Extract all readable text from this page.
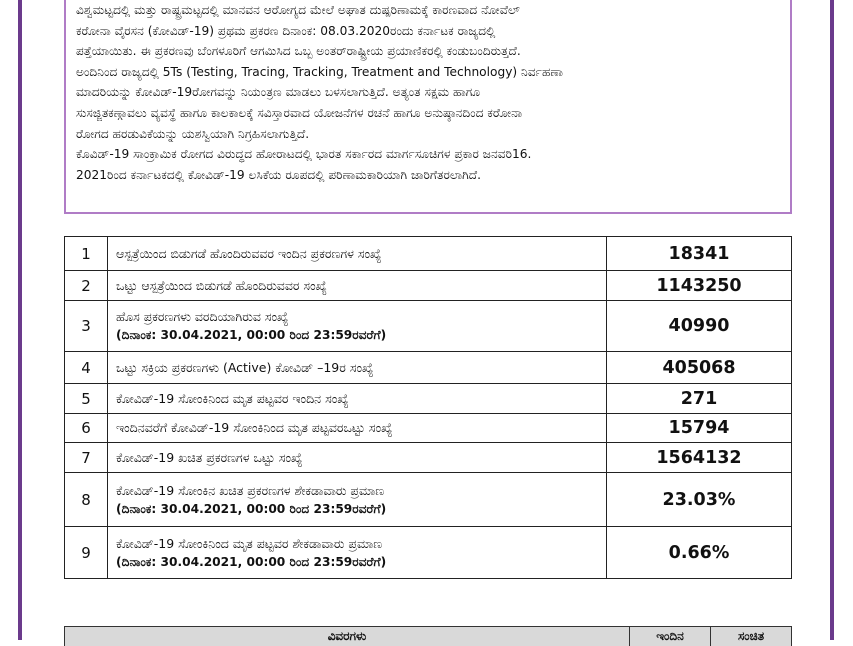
ವಿಶ್ವಮಟ್ಟದಲ್ಲಿ ಮತ್ತು ರಾಷ್ಟ್ರಮಟ್ಟದಲ್ಲಿ ಮಾನವನ ಆರೋಗ್ಯದ ಮೇಲೆ ಅಘಾತ ದುಷ್ಪರಿಣಾಮಕ್ಕೆ ಕಾರಣವಾದ ನೋವೆಲ್

ಕರೋನಾ ವೈರಸನ (ಕೋವಿಡ್-19) ಪ್ರಥಮ ಪ್ರಕರಣ ದಿನಾಂಕ: 08.03.2020ರಂದು ಕರ್ನಾಟಕ ರಾಜ್ಯದಲ್ಲಿ

ಪತ್ತೆಯಾಯಿತು. ಈ ಪ್ರಕರಣವು ಬೆಂಗಳೂರಿಗೆ ಆಗಮಿಸಿದ ಒಬ್ಬ ಅಂತರ್‌ರಾಷ್ಟ್ರೀಯ ಪ್ರಯಾಣಿಕರಲ್ಲಿ ಕಂಡುಬಂದಿರುತ್ತದೆ.

ಅಂದಿನಿಂದ ರಾಜ್ಯದಲ್ಲಿ 5Ts (Testing, Tracing, Tracking, Treatment and Technology) ನಿರ್ವಹಣಾ

ಮಾದರಿಯನ್ನು ಕೋವಿಡ್-19ರೋಗವನ್ನು ನಿಯಂತ್ರಣ ಮಾಡಲು ಬಳಸಲಾಗುತ್ತಿದೆ. ಅತ್ಯಂತ ಸಕ್ಷಮ ಹಾಗೂ

ಸುಸಜ್ಜಿತಕಣ್ಗಾವಲು ವ್ಯವಸ್ಥೆ ಹಾಗೂ ಕಾಲಕಾಲಕ್ಕೆ ಸವಿಸ್ತಾರವಾದ ಯೋಜನೆಗಳ ರಚನೆ ಹಾಗೂ ಅನುಷ್ಠಾನದಿಂದ ಕರೋನಾ

ರೋಗದ ಹರಡುವಿಕೆಯನ್ನು ಯಶಸ್ವಿಯಾಗಿ ನಿಗ್ರಹಿಸಲಾಗುತ್ತಿದೆ.

ಕೊವಿಡ್-19 ಸಾಂಕ್ರಾಮಿಕ ರೋಗದ ವಿರುದ್ಧದ ಹೋರಾಟದಲ್ಲಿ ಭಾರತ ಸರ್ಕಾರದ ಮಾರ್ಗಸೂಚಿಗಳ ಪ್ರಕಾರ ಜನವರಿ16.

2021ರಿಂದ ಕರ್ನಾಟಕದಲ್ಲಿ ಕೋವಿಡ್-19 ಲಸಿಕೆಯ ರೂಪದಲ್ಲಿ ಪರಿಣಾಮಕಾರಿಯಾಗಿ ಜಾರಿಗೆತರಲಾಗಿದೆ.

1	ಆಸ್ಪತ್ರೆಯಿಂದ ಬಿಡುಗಡೆ ಹೊಂದಿರುವವರ ಇಂದಿನ ಪ್ರಕರಣಗಳ ಸಂಖ್ಯೆ	18341
2	ಒಟ್ಟು ಆಸ್ಪತ್ರೆಯಿಂದ ಬಿಡುಗಡೆ ಹೊಂದಿರುವವರ ಸಂಖ್ಯೆ	1143250
3	ಹೊಸ ಪ್ರಕರಣಗಳು ವರದಿಯಾಗಿರುವ ಸಂಖ್ಯೆ
(ದಿನಾಂಕ: 30.04.2021, 00:00 ರಿಂದ 23:59ರವರೆಗೆ)	40990
4	ಒಟ್ಟು ಸಕ್ರಿಯ ಪ್ರಕರಣಗಳು (Active) ಕೋವಿಡ್ –19ರ ಸಂಖ್ಯೆ	405068
5	ಕೋವಿಡ್-19 ಸೋಂಕಿನಿಂದ ಮೃತ ಪಟ್ಟವರ ಇಂದಿನ ಸಂಖ್ಯೆ	271
6	ಇಂದಿನವರೆಗೆ ಕೋವಿಡ್-19 ಸೋಂಕಿನಿಂದ ಮೃತ ಪಟ್ಟವರಒಟ್ಟು ಸಂಖ್ಯೆ	15794
7	ಕೋವಿಡ್-19 ಖಚಿತ ಪ್ರಕರಣಗಳ ಒಟ್ಟು ಸಂಖ್ಯೆ	1564132
8	ಕೋವಿಡ್-19 ಸೋಂಕಿನ ಖಚಿತ ಪ್ರಕರಣಗಳ ಶೇಕಡಾವಾರು ಪ್ರಮಾಣ
(ದಿನಾಂಕ: 30.04.2021, 00:00 ರಿಂದ 23:59ರವರೆಗೆ)	23.03%
9	ಕೋವಿಡ್-19 ಸೋಂಕಿನಿಂದ ಮೃತ ಪಟ್ಟವರ ಶೇಕಡಾವಾರು ಪ್ರಮಾಣ
(ದಿನಾಂಕ: 30.04.2021, 00:00 ರಿಂದ 23:59ರವರೆಗೆ)	0.66%
ವಿವರಗಳು	ಇಂದಿನ	ಸಂಚಿತ
